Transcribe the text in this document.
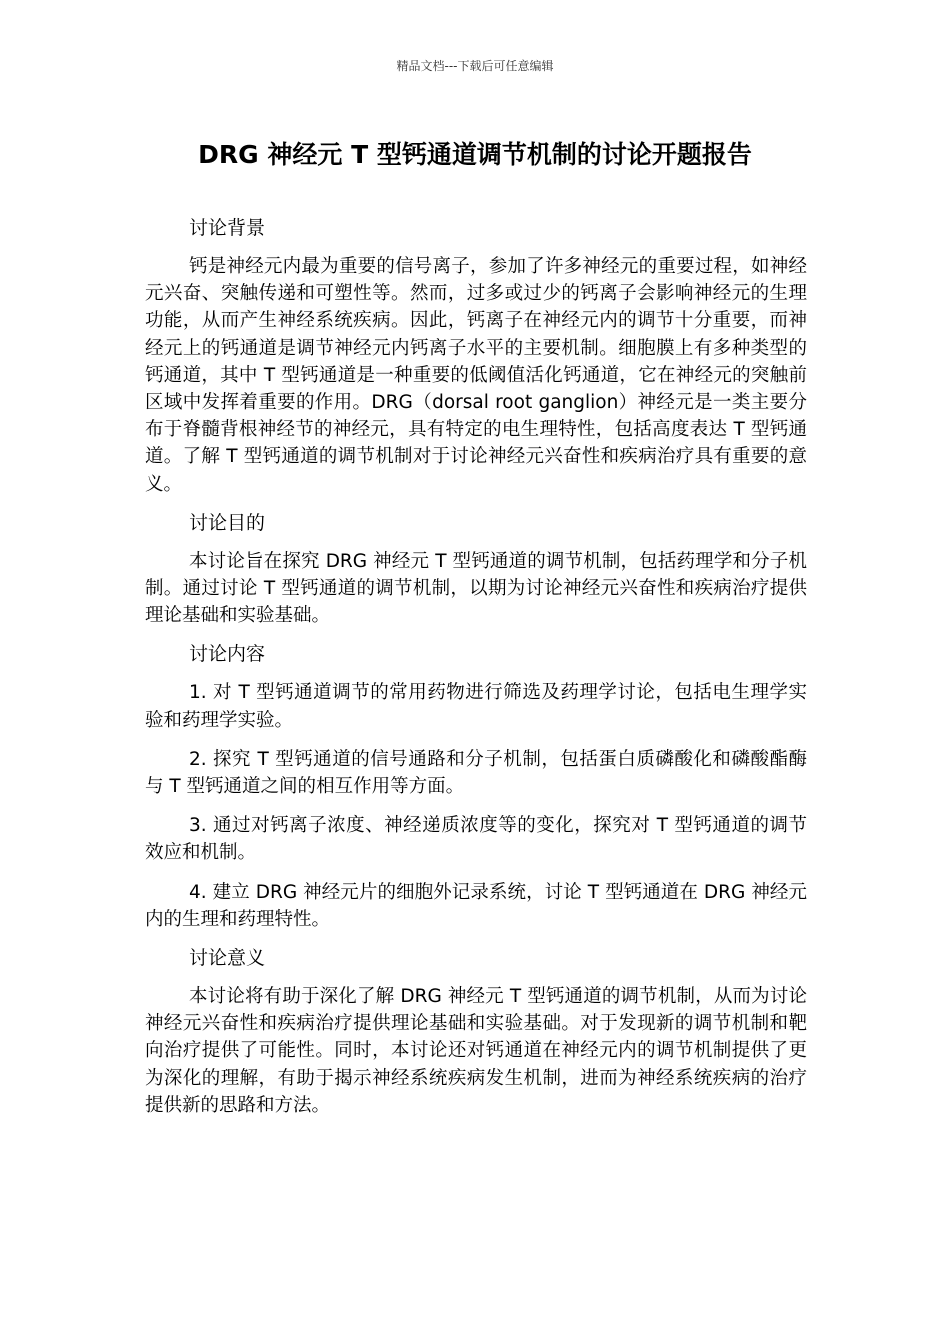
精品文档---下载后可任意编辑
DRG 神经元 T 型钙通道调节机制的讨论开题报告

讨论背景

钙是神经元内最为重要的信号离子，参加了许多神经元的重要过程，如神经元兴奋、突触传递和可塑性等。然而，过多或过少的钙离子会影响神经元的生理功能，从而产生神经系统疾病。因此，钙离子在神经元内的调节十分重要，而神经元上的钙通道是调节神经元内钙离子水平的主要机制。细胞膜上有多种类型的钙通道，其中 T 型钙通道是一种重要的低阈值活化钙通道，它在神经元的突触前区域中发挥着重要的作用。DRG（dorsal root ganglion）神经元是一类主要分布于脊髓背根神经节的神经元，具有特定的电生理特性，包括高度表达 T 型钙通道。了解 T 型钙通道的调节机制对于讨论神经元兴奋性和疾病治疗具有重要的意义。

讨论目的

本讨论旨在探究 DRG 神经元 T 型钙通道的调节机制，包括药理学和分子机制。通过讨论 T 型钙通道的调节机制，以期为讨论神经元兴奋性和疾病治疗提供理论基础和实验基础。

讨论内容

1. 对 T 型钙通道调节的常用药物进行筛选及药理学讨论，包括电生理学实验和药理学实验。

2. 探究 T 型钙通道的信号通路和分子机制，包括蛋白质磷酸化和磷酸酯酶与 T 型钙通道之间的相互作用等方面。

3. 通过对钙离子浓度、神经递质浓度等的变化，探究对 T 型钙通道的调节效应和机制。

4. 建立 DRG 神经元片的细胞外记录系统，讨论 T 型钙通道在 DRG 神经元内的生理和药理特性。

讨论意义

本讨论将有助于深化了解 DRG 神经元 T 型钙通道的调节机制，从而为讨论神经元兴奋性和疾病治疗提供理论基础和实验基础。对于发现新的调节机制和靶向治疗提供了可能性。同时，本讨论还对钙通道在神经元内的调节机制提供了更为深化的理解，有助于揭示神经系统疾病发生机制，进而为神经系统疾病的治疗提供新的思路和方法。
